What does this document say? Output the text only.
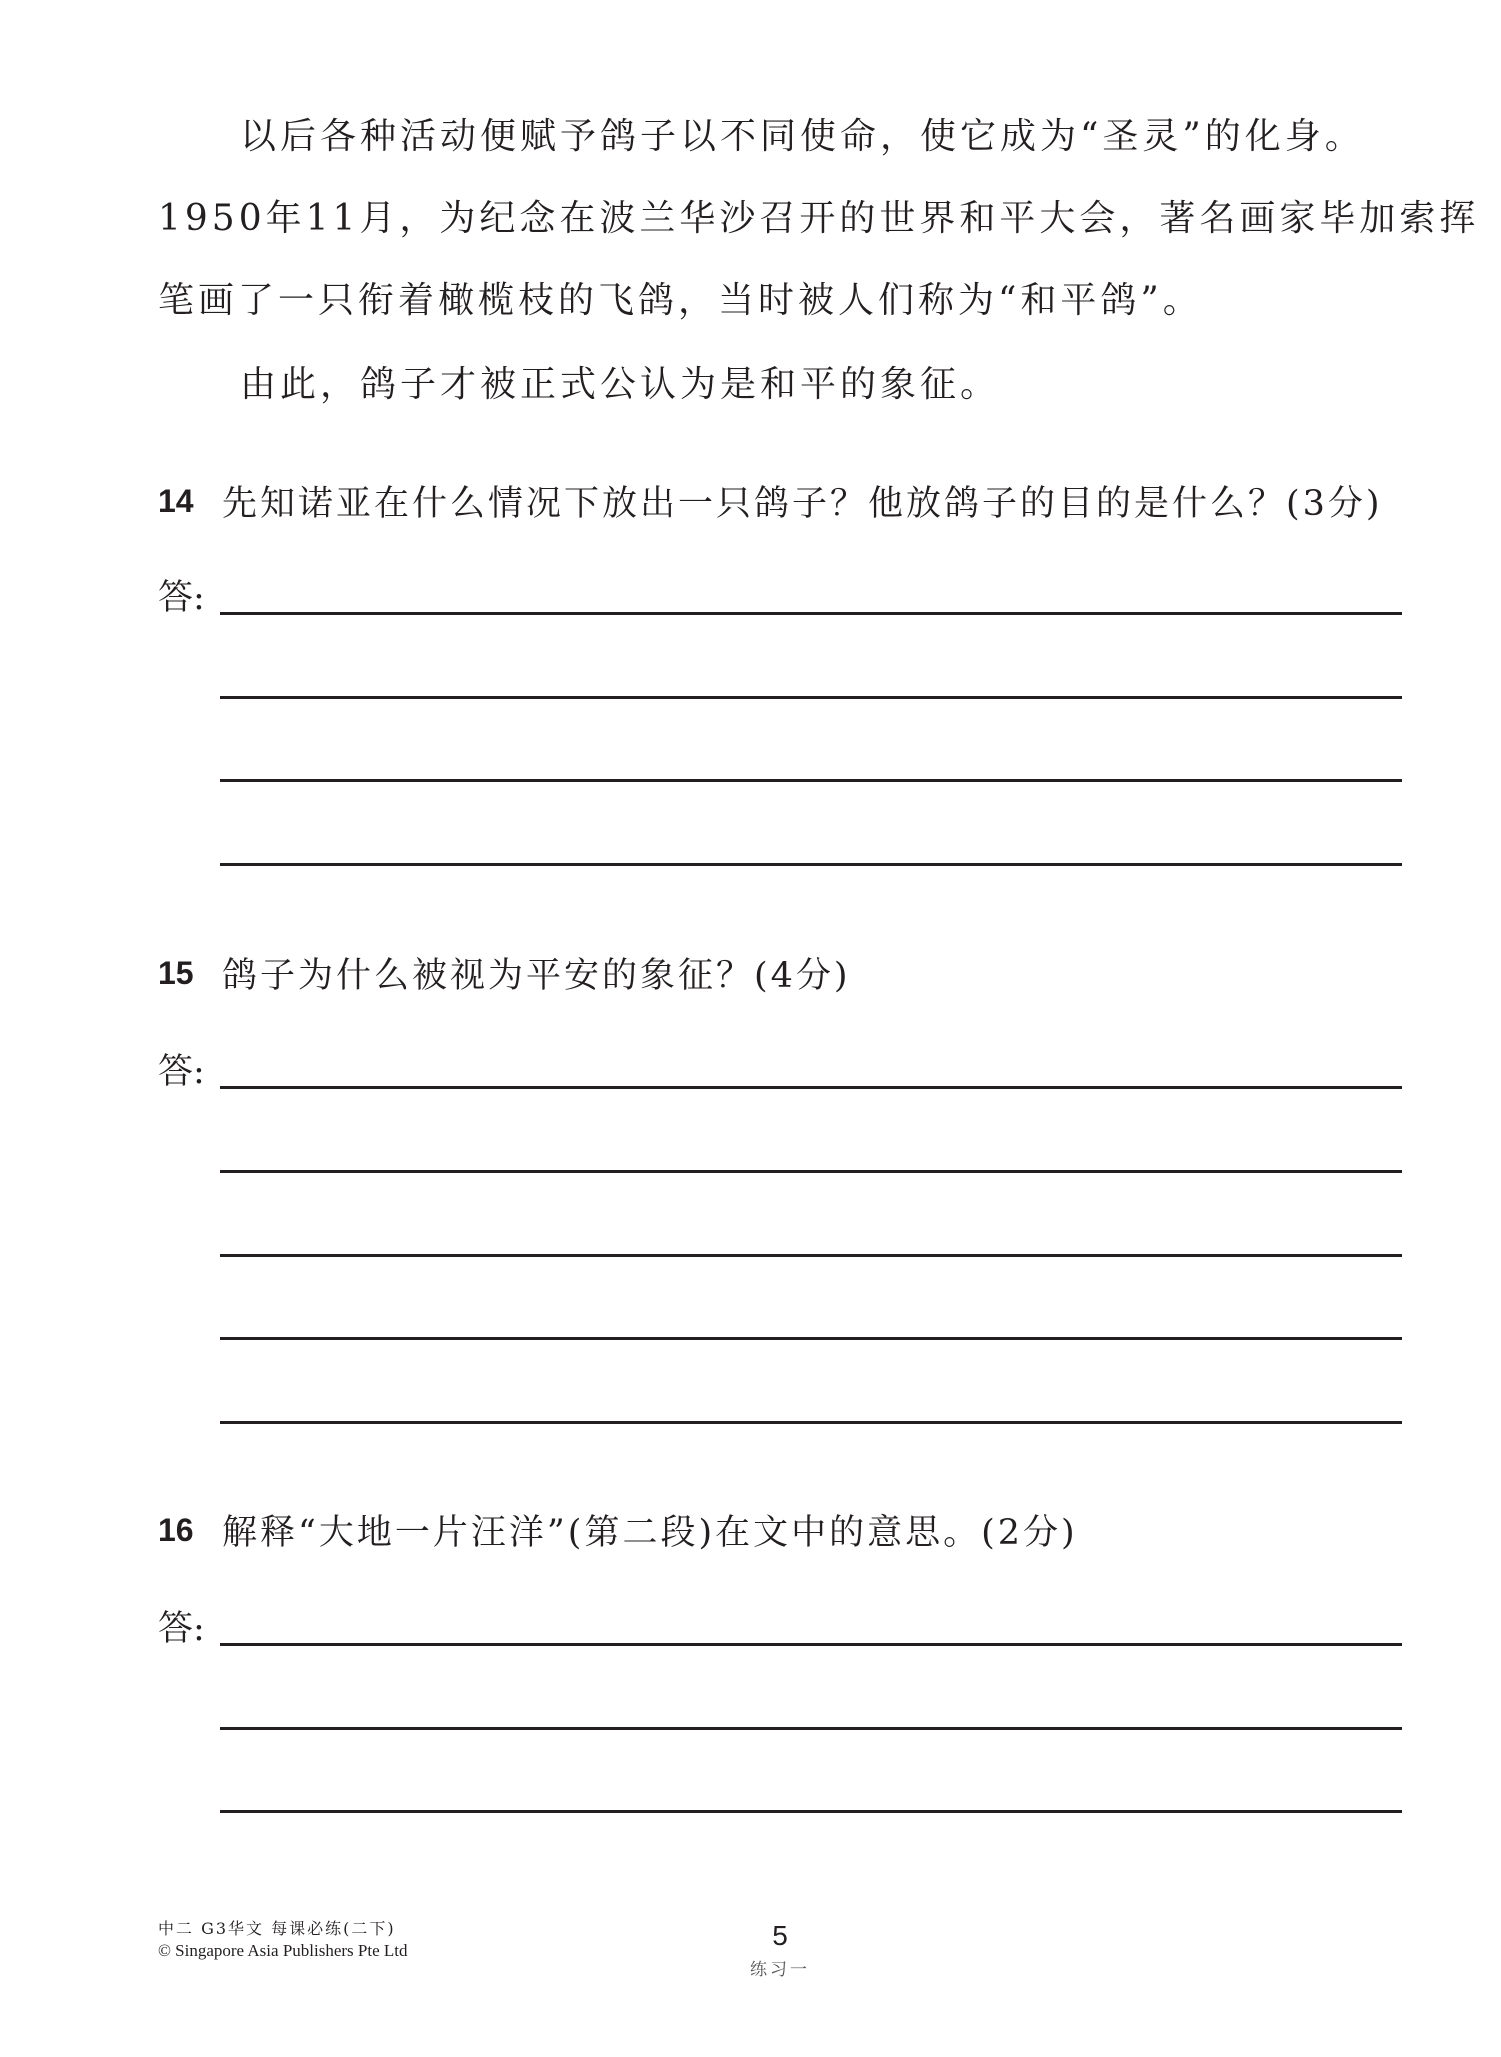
以后各种活动便赋予鸽子以不同使命，使它成为“圣灵”的化身。
1950年11月，为纪念在波兰华沙召开的世界和平大会，著名画家毕加索挥
笔画了一只衔着橄榄枝的飞鸽，当时被人们称为“和平鸽”。
由此，鸽子才被正式公认为是和平的象征。
14 先知诺亚在什么情况下放出一只鸽子？他放鸽子的目的是什么？(3分)
答:
15 鸽子为什么被视为平安的象征？(4分)
答:
16 解释“大地一片汪洋”(第二段)在文中的意思。(2分)
答:
中二 G3华文 每课必练(二下)
© Singapore Asia Publishers Pte Ltd	5
练习一
